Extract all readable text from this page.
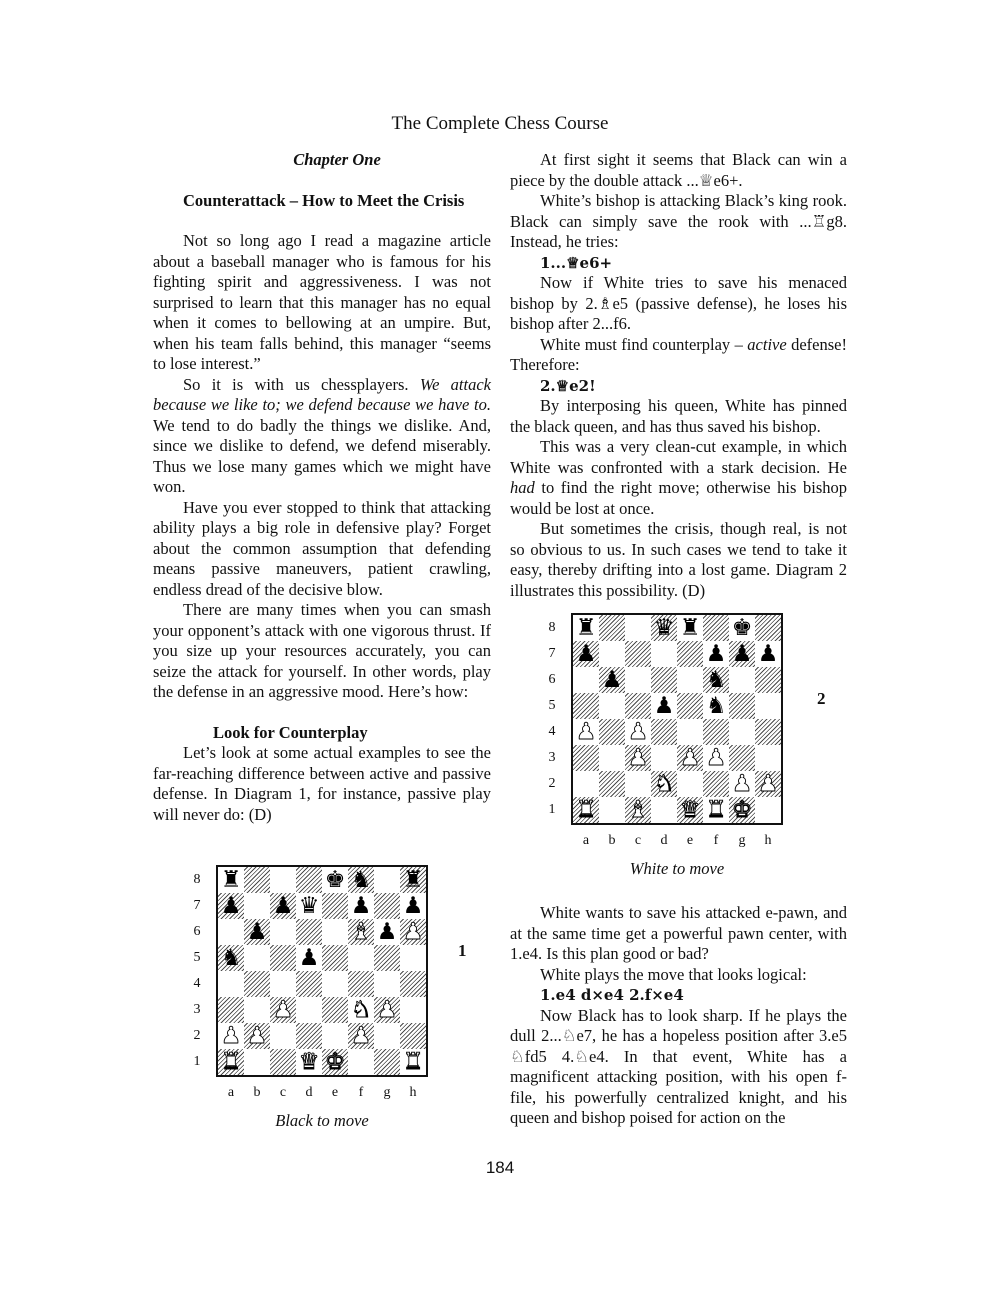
The Complete Chess Course

Chapter One

Counterattack – How to Meet the Crisis

Not so long ago I read a magazine article about a baseball manager who is famous for his fighting spirit and aggressiveness. I was not surprised to learn that this manager has no equal when it comes to bellowing at an umpire. But, when his team falls behind, this manager “seems to lose interest.”

So it is with us chessplayers. We attack because we like to; we defend because we have to. We tend to do badly the things we dislike. And, since we dislike to defend, we defend miserably. Thus we lose many games which we might have won.

Have you ever stopped to think that attacking ability plays a big role in defensive play? Forget about the common assumption that defending means passive maneuvers, patient crawling, endless dread of the decisive blow.

There are many times when you can smash your opponent’s attack with one vigorous thrust. If you size up your resources accurately, you can seize the attack for yourself. In other words, play the defense in an aggressive mood. Here’s how:

Look for Counterplay

Let’s look at some actual examples to see the far-reaching difference between active and passive defense. In Diagram 1, for instance, passive play will never do: (D)

At first sight it seems that Black can win a piece by the double attack ...♕e6+.

White’s bishop is attacking Black’s king rook. Black can simply save the rook with ...♖g8. Instead, he tries:

1...♕e6+

Now if White tries to save his menaced bishop by 2.♗e5 (passive defense), he loses his bishop after 2...f6.

White must find counterplay – active defense! Therefore:

2.♕e2!

By interposing his queen, White has pinned the black queen, and has thus saved his bishop.

This was a very clean-cut example, in which White was confronted with a stark decision. He had to find the right move; otherwise his bishop would be lost at once.

But sometimes the crisis, though real, is not so obvious to us. In such cases we tend to take it easy, thereby drifting into a lost game. Diagram 2 illustrates this possibility. (D)

White wants to save his attacked e-pawn, and at the same time get a powerful pawn center, with 1.e4. Is this plan good or bad?

White plays the move that looks logical:

1.e4 d×e4 2.f×e4

Now Black has to look sharp. If he plays the dull 2...♘e7, he has a hopeless position after 3.e5 ♘fd5 4.♘e4. In that event, White has a magnificent attacking position, with his open f-file, his powerfully centralized knight, and his queen and bishop poised for action on the

♜	♚ ♞ ♜
♟ ♟ ♛ ♟ ♟
♟	♝ ♟ ♟
♞ ♟
♟ ♞ ♟
♟ ♟	♟
♜ ♛ ♚ ♜
8
7
6
5
4
3
2
1
a	b	c	d	e	f	g	h
1
Black to move
♜ ♛ ♜ ♚
♟	♟ ♟ ♟
♟	♞
♟ ♞
♟ ♟
♟ ♟ ♟
♞ ♟ ♟
♜ ♝ ♛ ♜ ♚
8
7
6
5
4
3
2
1
a	b	c	d	e	f	g	h
2
White to move
184
